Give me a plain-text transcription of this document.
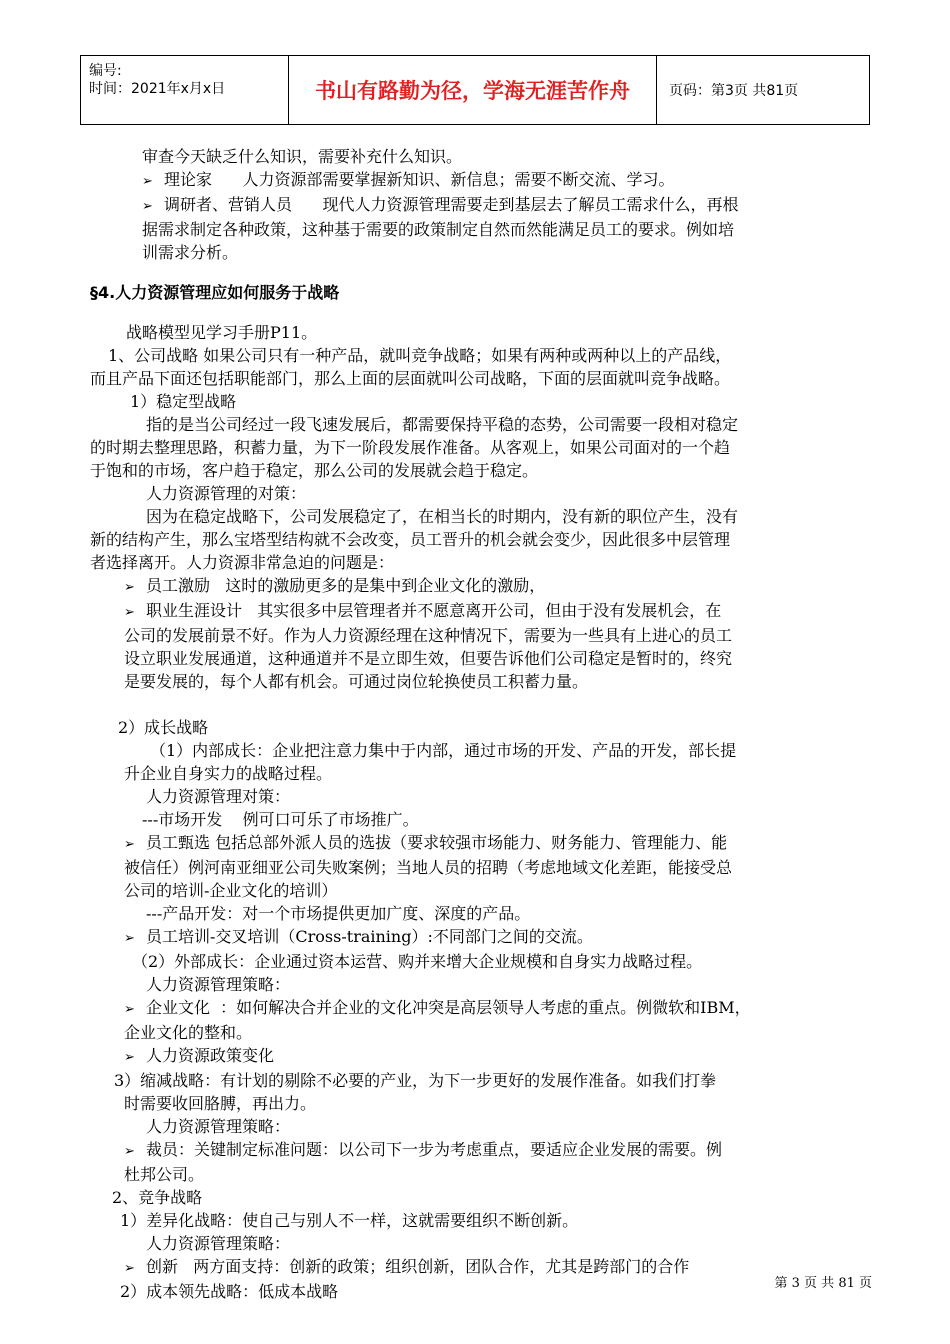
编号:
时间：2021年x月x日	书山有路勤为径，学海无涯苦作舟	页码：第3页 共81页

审查今天缺乏什么知识，需要补充什么知识。

➢ 理论家      人力资源部需要掌握新知识、新信息；需要不断交流、学习。

➢ 调研者、营销人员      现代人力资源管理需要走到基层去了解员工需求什么，再根

据需求制定各种政策，这种基于需要的政策制定自然而然能满足员工的要求。例如培

训需求分析。

§4.人力资源管理应如何服务于战略

战略模型见学习手册P11。

1、公司战略 如果公司只有一种产品，就叫竞争战略；如果有两种或两种以上的产品线，

而且产品下面还包括职能部门，那么上面的层面就叫公司战略，下面的层面就叫竞争战略。

1）稳定型战略

指的是当公司经过一段飞速发展后，都需要保持平稳的态势，公司需要一段相对稳定

的时期去整理思路，积蓄力量，为下一阶段发展作准备。从客观上，如果公司面对的一个趋

于饱和的市场，客户趋于稳定，那么公司的发展就会趋于稳定。

人力资源管理的对策：

因为在稳定战略下，公司发展稳定了，在相当长的时期内，没有新的职位产生，没有

新的结构产生，那么宝塔型结构就不会改变，员工晋升的机会就会变少，因此很多中层管理

者选择离开。人力资源非常急迫的问题是：

➢ 员工激励   这时的激励更多的是集中到企业文化的激励，

➢ 职业生涯设计   其实很多中层管理者并不愿意离开公司，但由于没有发展机会，在

公司的发展前景不好。作为人力资源经理在这种情况下，需要为一些具有上进心的员工

设立职业发展通道，这种通道并不是立即生效，但要告诉他们公司稳定是暂时的，终究

是要发展的，每个人都有机会。可通过岗位轮换使员工积蓄力量。

2）成长战略

（1）内部成长：企业把注意力集中于内部，通过市场的开发、产品的开发，部长提

升企业自身实力的战略过程。

人力资源管理对策：

---市场开发    例可口可乐了市场推广。

➢ 员工甄选 包括总部外派人员的选拔（要求较强市场能力、财务能力、管理能力、能

被信任）例河南亚细亚公司失败案例；当地人员的招聘（考虑地域文化差距，能接受总

公司的培训-企业文化的培训）

---产品开发：对一个市场提供更加广度、深度的产品。

➢ 员工培训-交叉培训（Cross-training）:不同部门之间的交流。

（2）外部成长：企业通过资本运营、购并来增大企业规模和自身实力战略过程。

人力资源管理策略：

➢ 企业文化  ：如何解决合并企业的文化冲突是高层领导人考虑的重点。例微软和IBM，

企业文化的整和。

➢ 人力资源政策变化

3）缩减战略：有计划的剔除不必要的产业，为下一步更好的发展作准备。如我们打拳

时需要收回胳膊，再出力。

人力资源管理策略：

➢ 裁员：关键制定标准问题：以公司下一步为考虑重点，要适应企业发展的需要。例

杜邦公司。

2、竞争战略

1）差异化战略：使自己与别人不一样，这就需要组织不断创新。

人力资源管理策略：

➢ 创新   两方面支持：创新的政策；组织创新，团队合作，尤其是跨部门的合作

2）成本领先战略：低成本战略	第 3 页 共 81 页
